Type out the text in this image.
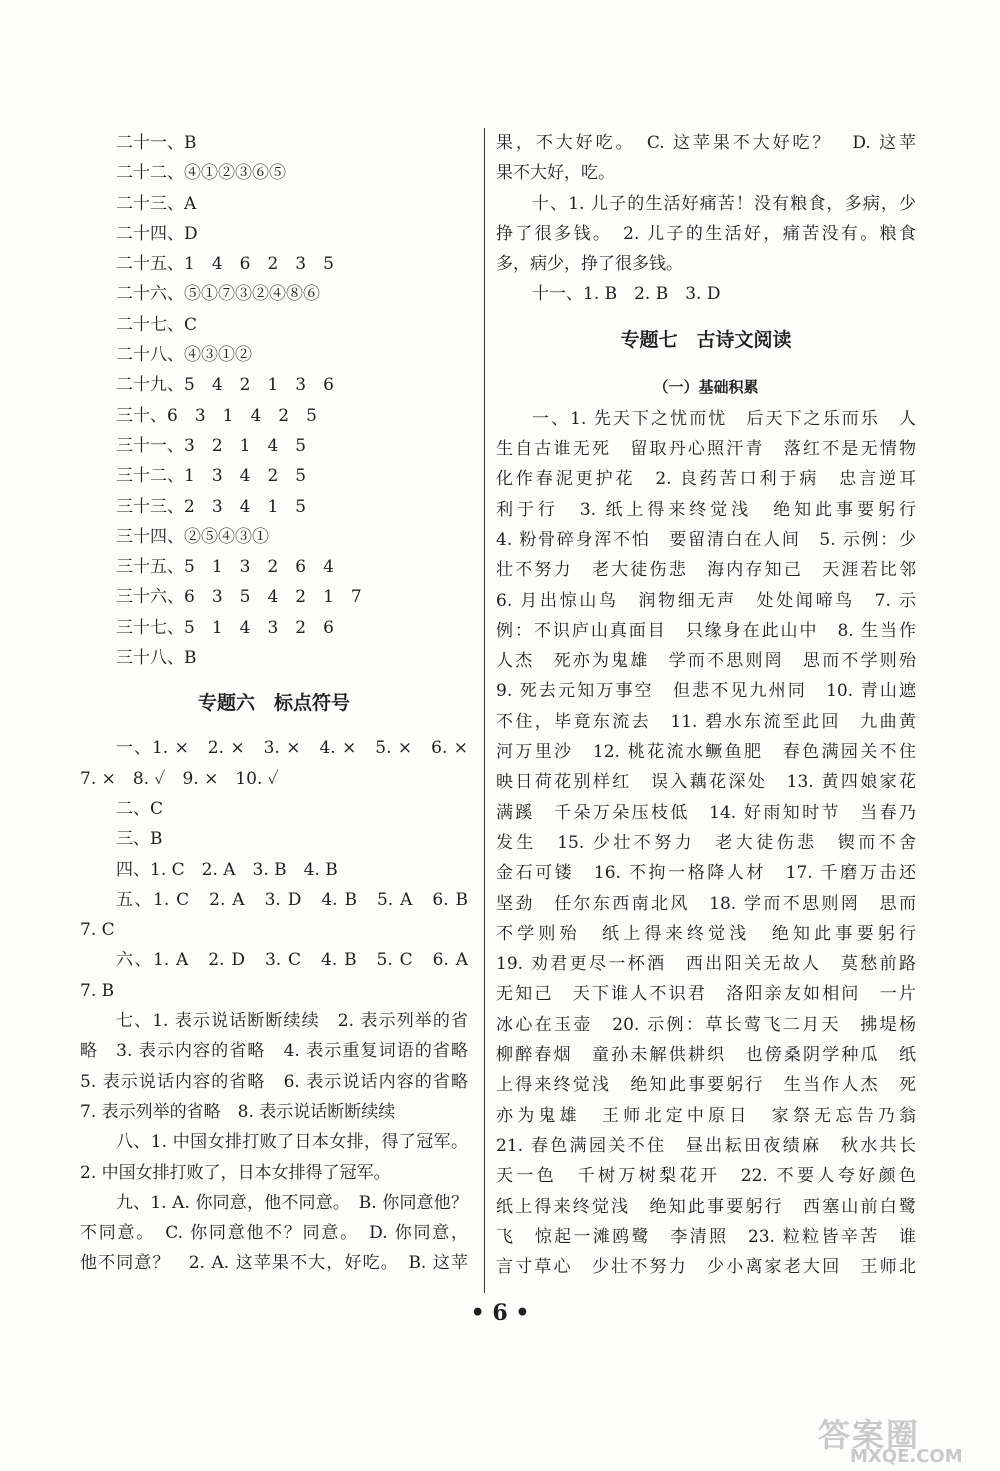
二十一、B
二十二、④①②③⑥⑤
二十三、A
二十四、D
二十五、1　4　6　2　3　5
二十六、⑤①⑦③②④⑧⑥
二十七、C
二十八、④③①②
二十九、5　4　2　1　3　6
三十、6　3　1　4　2　5
三十一、3　2　1　4　5
三十二、1　3　4　2　5
三十三、2　3　4　1　5
三十四、②⑤④③①
三十五、5　1　3　2　6　4
三十六、6　3　5　4　2　1　7
三十七、5　1　4　3　2　6
三十八、B
专题六　标点符号
一、1. ×　2. ×　3. ×　4. ×　5. ×　6. ×
7. ×　8. ✓　9. ×　10. ✓
二、C
三、B
四、1. C　2. A　3. B　4. B
五、1. C　2. A　3. D　4. B　5. A　6. B
7. C
六、1. A　2. D　3. C　4. B　5. C　6. A
7. B
七、1. 表示说话断断续续　2. 表示列举的省
略　3. 表示内容的省略　4. 表示重复词语的省略
5. 表示说话内容的省略　6. 表示说话内容的省略
7. 表示列举的省略　8. 表示说话断断续续
八、1. 中国女排打败了日本女排，得了冠军。
2. 中国女排打败了，日本女排得了冠军。
九、1. A. 你同意，他不同意。　B. 你同意他？
不同意。　C. 你同意他不？同意。　D. 你同意，
他不同意？　2. A. 这苹果不大，好吃。　B. 这苹
果，不大好吃。　C. 这苹果不大好吃？　D. 这苹
果不大好，吃。
十、1. 儿子的生活好痛苦！没有粮食，多病，少
挣了很多钱。　2. 儿子的生活好，痛苦没有。粮食
多，病少，挣了很多钱。
十一、1. B　2. B　3. D
专题七　古诗文阅读
（一）基础积累
一、1. 先天下之忧而忧　后天下之乐而乐　人
生自古谁无死　留取丹心照汗青　落红不是无情物
化作春泥更护花　2. 良药苦口利于病　忠言逆耳
利于行　3. 纸上得来终觉浅　绝知此事要躬行
4. 粉骨碎身浑不怕　要留清白在人间　5. 示例：少
壮不努力　老大徒伤悲　海内存知己　天涯若比邻
6. 月出惊山鸟　润物细无声　处处闻啼鸟　7. 示
例：不识庐山真面目　只缘身在此山中　8. 生当作
人杰　死亦为鬼雄　学而不思则罔　思而不学则殆
9. 死去元知万事空　但悲不见九州同　10. 青山遮
不住，毕竟东流去　11. 碧水东流至此回　九曲黄
河万里沙　12. 桃花流水鳜鱼肥　春色满园关不住
映日荷花别样红　误入藕花深处　13. 黄四娘家花
满蹊　千朵万朵压枝低　14. 好雨知时节　当春乃
发生　15. 少壮不努力　老大徒伤悲　锲而不舍
金石可镂　16. 不拘一格降人材　17. 千磨万击还
坚劲　任尔东西南北风　18. 学而不思则罔　思而
不学则殆　纸上得来终觉浅　绝知此事要躬行
19. 劝君更尽一杯酒　西出阳关无故人　莫愁前路
无知己　天下谁人不识君　洛阳亲友如相问　一片
冰心在玉壶　20. 示例：草长莺飞二月天　拂堤杨
柳醉春烟　童孙未解供耕织　也傍桑阴学种瓜　纸
上得来终觉浅　绝知此事要躬行　生当作人杰　死
亦为鬼雄　王师北定中原日　家祭无忘告乃翁
21. 春色满园关不住　昼出耘田夜绩麻　秋水共长
天一色　千树万树梨花开　22. 不要人夸好颜色
纸上得来终觉浅　绝知此事要躬行　西塞山前白鹭
飞　惊起一滩鸥鹭　李清照　23. 粒粒皆辛苦　谁
言寸草心　少壮不努力　少小离家老大回　王师北
• 6 •
答案圈
MXQE.COM
